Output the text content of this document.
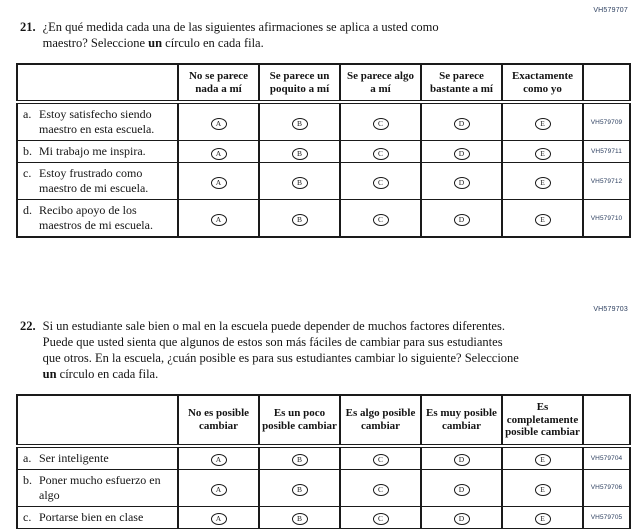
VH579707
21. ¿En qué medida cada una de las siguientes afirmaciones se aplica a usted como maestro? Seleccione un círculo en cada fila.

	No se parece nada a mí	Se parece un poquito a mí	Se parece algo a mí	Se parece bastante a mí	Exactamente como yo	
a. Estoy satisfecho siendo maestro en esta escuela.	A	B	C	D	E	VH579709
b. Mi trabajo me inspira.	A	B	C	D	E	VH579711
c. Estoy frustrado como maestro de mi escuela.	A	B	C	D	E	VH579712
d. Recibo apoyo de los maestros de mi escuela.	A	B	C	D	E	VH579710
VH579703
22. Si un estudiante sale bien o mal en la escuela puede depender de muchos factores diferentes. Puede que usted sienta que algunos de estos son más fáciles de cambiar para sus estudiantes que otros. En la escuela, ¿cuán posible es para sus estudiantes cambiar lo siguiente? Seleccione un círculo en cada fila.

	No es posible cambiar	Es un poco posible cambiar	Es algo posible cambiar	Es muy posible cambiar	Es completamente posible cambiar	
a. Ser inteligente	A	B	C	D	E	VH579704
b. Poner mucho esfuerzo en algo	A	B	C	D	E	VH579706
c. Portarse bien en clase	A	B	C	D	E	VH579705
